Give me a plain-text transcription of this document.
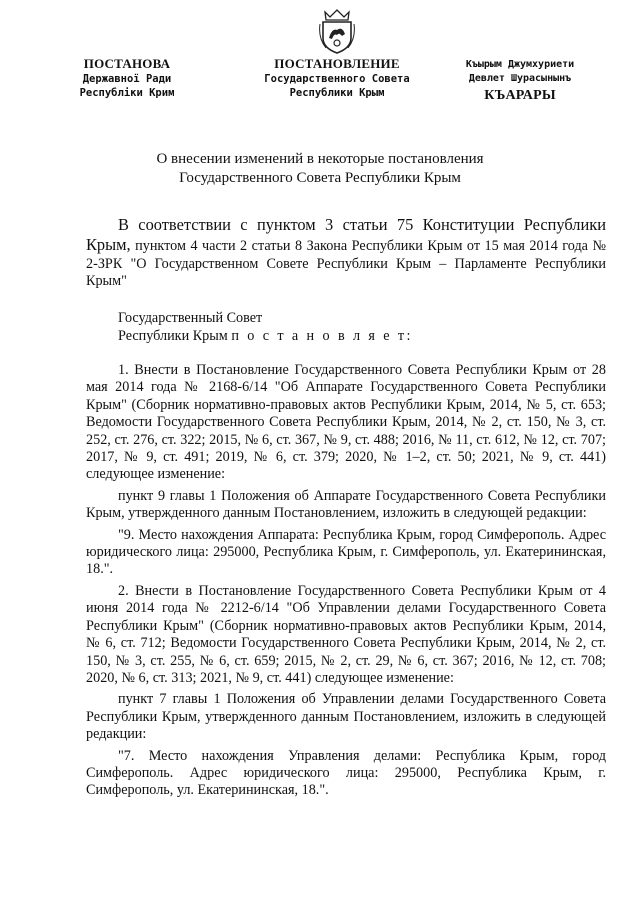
ПОСТАНОВА
Державної Ради
Республіки Крим
ПОСТАНОВЛЕНИЕ
Государственного Совета
Республики Крым
Къырым Джумхуриети
Девлет Шурасынынъ
КЪАРАРЫ
О внесении изменений в некоторые постановления
Государственного Совета Республики Крым

В соответствии с пунктом 3 статьи 75 Конституции Республики Крым, пунктом 4 части 2 статьи 8 Закона Республики Крым от 15 мая 2014 года № 2-ЗРК "О Государственном Совете Республики Крым – Парламенте Республики Крым"

Государственный Совет
Республики Крым п о с т а н о в л я е т:

1. Внести в Постановление Государственного Совета Республики Крым от 28 мая 2014 года № 2168-6/14 "Об Аппарате Государственного Совета Республики Крым" (Сборник нормативно-правовых актов Республики Крым, 2014, № 5, ст. 653; Ведомости Государственного Совета Республики Крым, 2014, № 2, ст. 150, № 3, ст. 252, ст. 276, ст. 322; 2015, № 6, ст. 367, № 9, ст. 488; 2016, № 11, ст. 612, № 12, ст. 707; 2017, № 9, ст. 491; 2019, № 6, ст. 379; 2020, № 1–2, ст. 50; 2021, № 9, ст. 441) следующее изменение:

пункт 9 главы 1 Положения об Аппарате Государственного Совета Республики Крым, утвержденного данным Постановлением, изложить в следующей редакции:

"9. Место нахождения Аппарата: Республика Крым, город Симферополь. Адрес юридического лица: 295000, Республика Крым, г. Симферополь, ул. Екатерининская, 18.".

2. Внести в Постановление Государственного Совета Республики Крым от 4 июня 2014 года № 2212-6/14 "Об Управлении делами Государственного Совета Республики Крым" (Сборник нормативно-правовых актов Республики Крым, 2014, № 6, ст. 712; Ведомости Государственного Совета Республики Крым, 2014, № 2, ст. 150, № 3, ст. 255, № 6, ст. 659; 2015, № 2, ст. 29, № 6, ст. 367; 2016, № 12, ст. 708; 2020, № 6, ст. 313; 2021, № 9, ст. 441) следующее изменение:

пункт 7 главы 1 Положения об Управлении делами Государственного Совета Республики Крым, утвержденного данным Постановлением, изложить в следующей редакции:

"7. Место нахождения Управления делами: Республика Крым, город Симферополь. Адрес юридического лица: 295000, Республика Крым, г. Симферополь, ул. Екатерининская, 18.".
